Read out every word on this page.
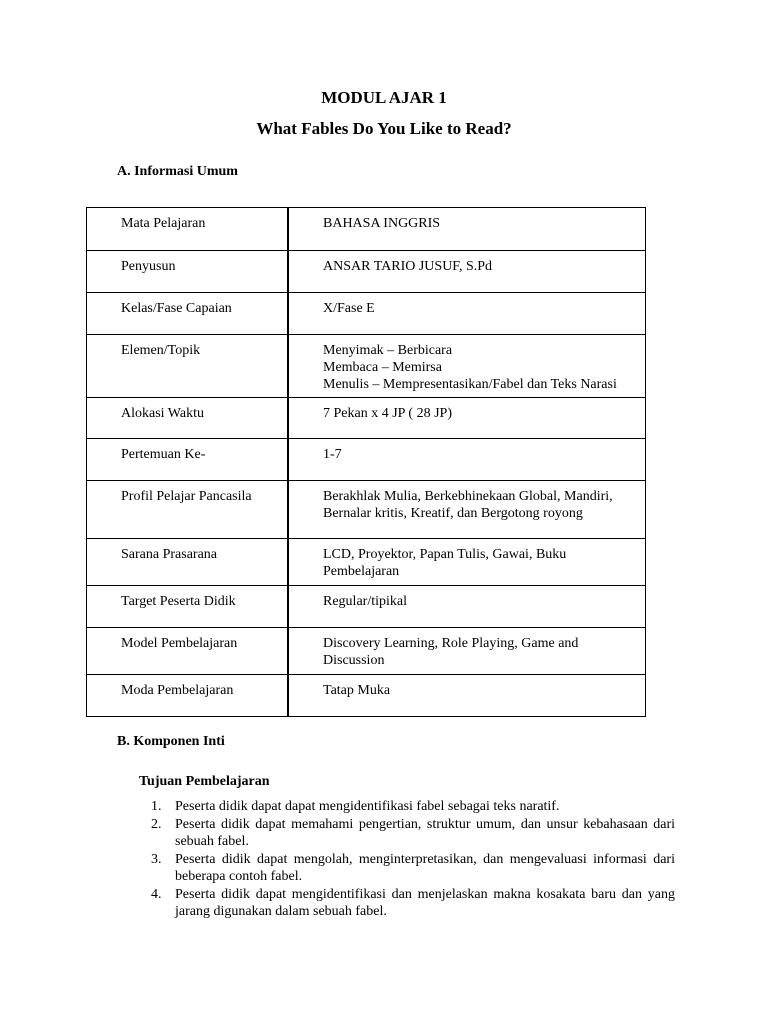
MODUL AJAR 1
What Fables Do You Like to Read?
A. Informasi Umum
Mata Pelajaran	BAHASA INGGRIS
Penyusun	ANSAR TARIO JUSUF, S.Pd
Kelas/Fase Capaian	X/Fase E
Elemen/Topik	Menyimak – Berbicara
Membaca – Memirsa
Menulis – Mempresentasikan/Fabel dan Teks Narasi

Alokasi Waktu	7 Pekan x 4 JP ( 28 JP)
Pertemuan Ke-	1-7
Profil Pelajar Pancasila	Berakhlak Mulia, Berkebhinekaan Global, Mandiri, Bernalar kritis, Kreatif, dan Bergotong royong
Sarana Prasarana	LCD, Proyektor, Papan Tulis, Gawai, Buku Pembelajaran
Target Peserta Didik	Regular/tipikal
Model Pembelajaran	Discovery Learning, Role Playing, Game and Discussion
Moda Pembelajaran	Tatap Muka
B. Komponen Inti
Tujuan Pembelajaran
1. Peserta didik dapat dapat mengidentifikasi fabel sebagai teks naratif.
2. Peserta didik dapat memahami pengertian, struktur umum, dan unsur kebahasaan dari sebuah fabel.
3. Peserta didik dapat mengolah, menginterpretasikan, dan mengevaluasi informasi dari beberapa contoh fabel.
4. Peserta didik dapat mengidentifikasi dan menjelaskan makna kosakata baru dan yang jarang digunakan dalam sebuah fabel.
